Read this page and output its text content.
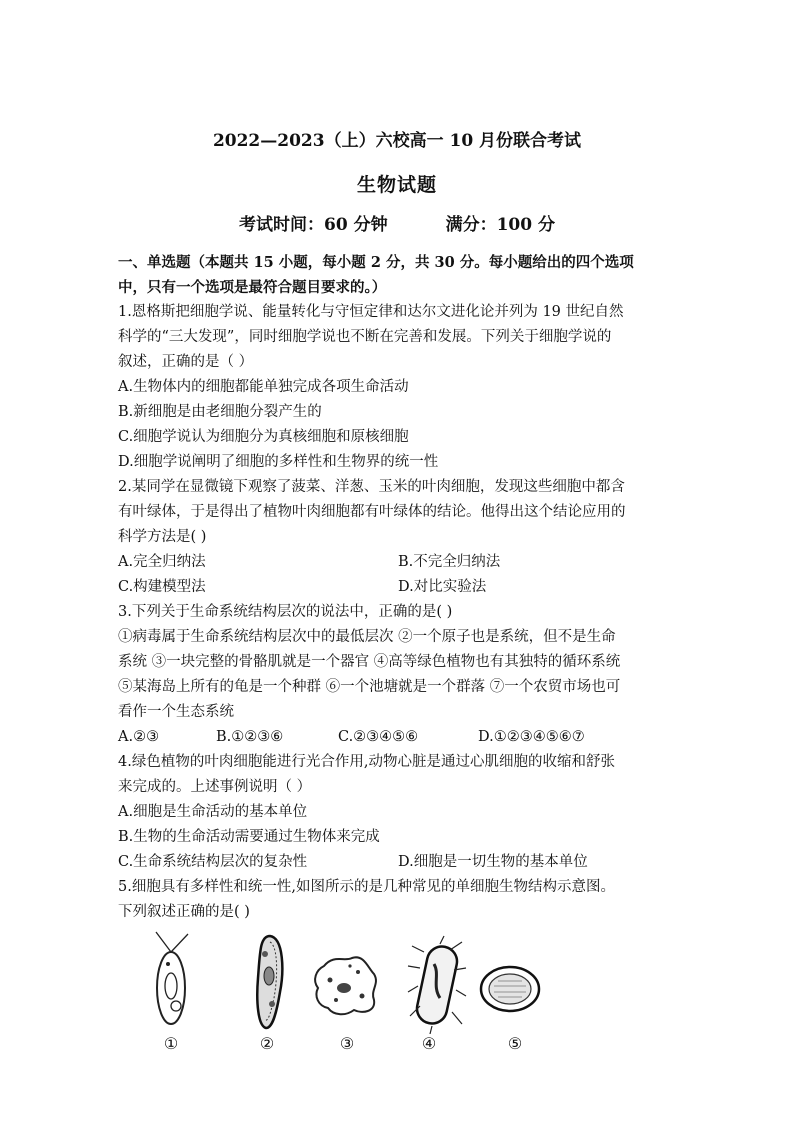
2022—2023（上）六校高一 10 月份联合考试
生物试题
考试时间：60 分钟	满分：100 分
一、单选题（本题共 15 小题，每小题 2 分，共 30 分。每小题给出的四个选项
中，只有一个选项是最符合题目要求的。）
1.恩格斯把细胞学说、能量转化与守恒定律和达尔文进化论并列为 19 世纪自然
科学的“三大发现”，同时细胞学说也不断在完善和发展。下列关于细胞学说的
叙述，正确的是（ ）
A.生物体内的细胞都能单独完成各项生命活动
B.新细胞是由老细胞分裂产生的
C.细胞学说认为细胞分为真核细胞和原核细胞
D.细胞学说阐明了细胞的多样性和生物界的统一性
2.某同学在显微镜下观察了菠菜、洋葱、玉米的叶肉细胞，发现这些细胞中都含
有叶绿体，于是得出了植物叶肉细胞都有叶绿体的结论。他得出这个结论应用的
科学方法是( )
A.完全归纳法	B.不完全归纳法
C.构建模型法	D.对比实验法
3.下列关于生命系统结构层次的说法中，正确的是( )
①病毒属于生命系统结构层次中的最低层次 ②一个原子也是系统，但不是生命
系统 ③一块完整的骨骼肌就是一个器官 ④高等绿色植物也有其独特的循环系统
⑤某海岛上所有的龟是一个种群 ⑥一个池塘就是一个群落 ⑦一个农贸市场也可
看作一个生态系统
A.②③	B.①②③⑥	C.②③④⑤⑥	D.①②③④⑤⑥⑦
4.绿色植物的叶肉细胞能进行光合作用,动物心脏是通过心肌细胞的收缩和舒张
来完成的。上述事例说明（ ）
A.细胞是生命活动的基本单位
B.生物的生命活动需要通过生物体来完成
C.生命系统结构层次的复杂性	D.细胞是一切生物的基本单位
5.细胞具有多样性和统一性,如图所示的是几种常见的单细胞生物结构示意图。
下列叙述正确的是( )
①	②	③	④	⑤
